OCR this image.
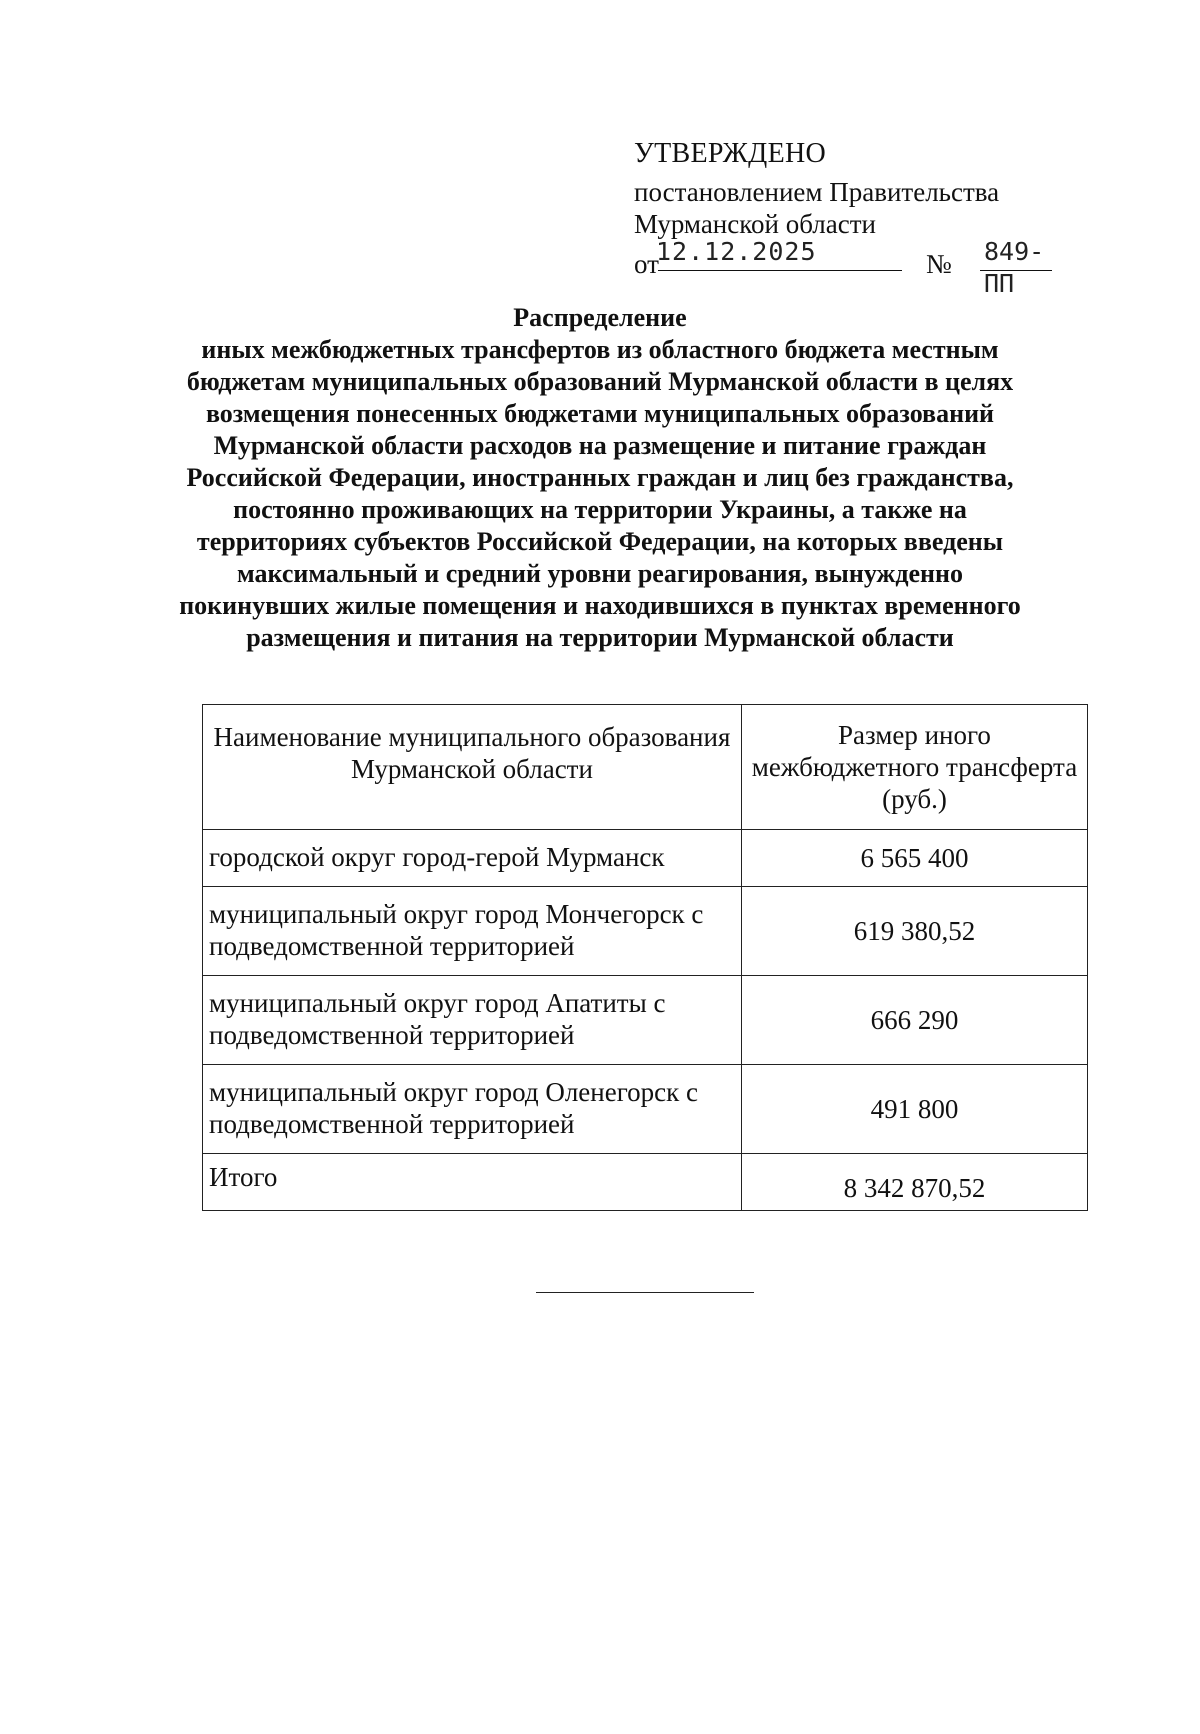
УТВЕРЖДЕНО
постановлением Правительства
Мурманской области
от
12.12.2025	№ 849-ПП
Распределение
иных межбюджетных трансфертов из областного бюджета местным
бюджетам муниципальных образований Мурманской области в целях
возмещения понесенных бюджетами муниципальных образований
Мурманской области расходов на размещение и питание граждан
Российской Федерации, иностранных граждан и лиц без гражданства,
постоянно проживающих на территории Украины, а также на
территориях субъектов Российской Федерации, на которых введены
максимальный и средний уровни реагирования, вынужденно
покинувших жилые помещения и находившихся в пунктах временного
размещения и питания на территории Мурманской области
Наименование муниципального образования Мурманской области	Размер иного межбюджетного трансферта (руб.)
городской округ город-герой Мурманск	6 565 400
муниципальный округ город Мончегорск с подведомственной территорией	619 380,52
муниципальный округ город Апатиты с подведомственной территорией	666 290
муниципальный округ город Оленегорск с подведомственной территорией	491 800
Итого	8 342 870,52
